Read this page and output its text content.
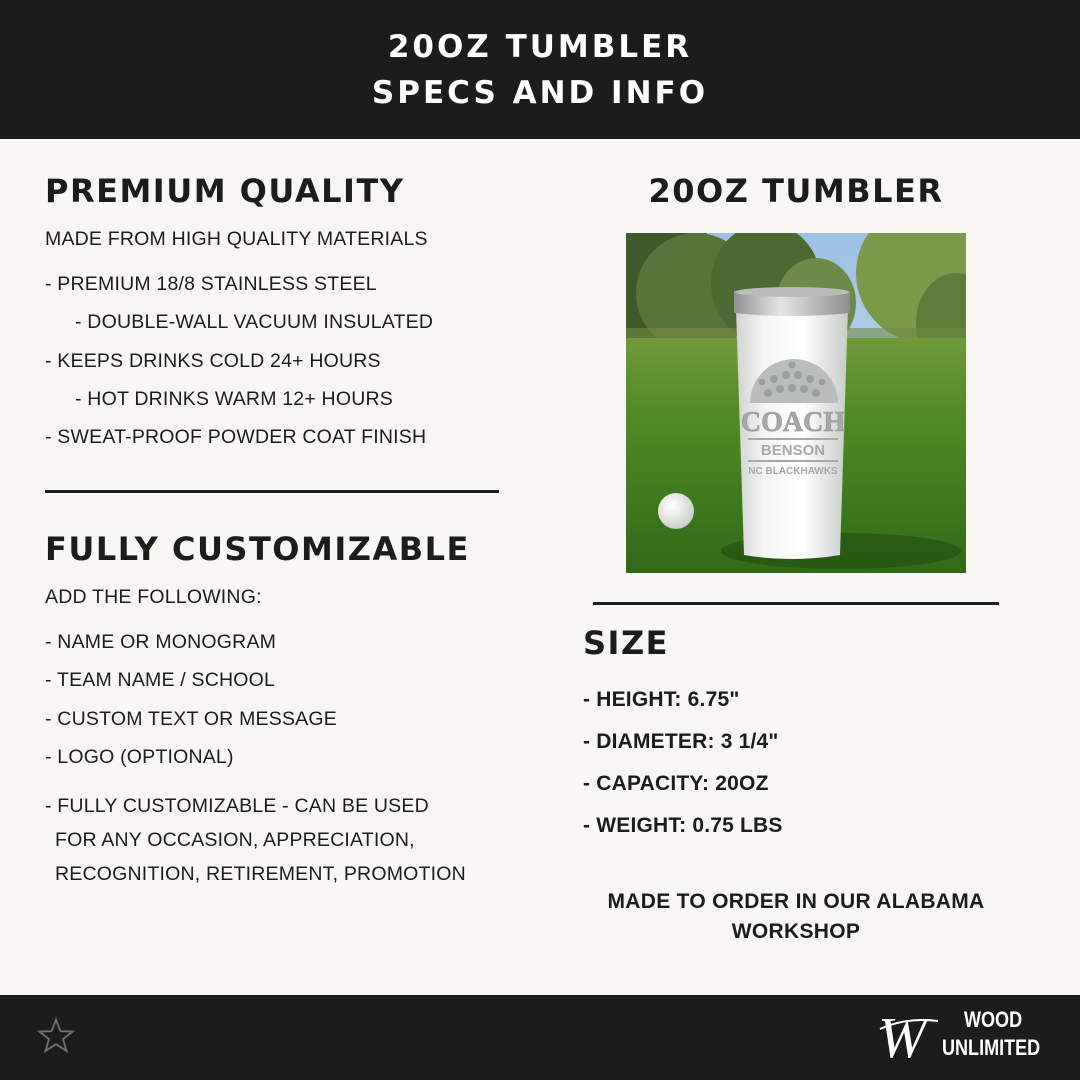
20OZ TUMBLER
SPECS AND INFO
PREMIUM QUALITY
MADE FROM HIGH QUALITY MATERIALS
- PREMIUM 18/8 STAINLESS STEEL
- DOUBLE-WALL VACUUM INSULATED
- KEEPS DRINKS COLD 24+ HOURS
- HOT DRINKS WARM 12+ HOURS
- SWEAT-PROOF POWDER COAT FINISH
FULLY CUSTOMIZABLE
ADD THE FOLLOWING:
- NAME OR MONOGRAM
- TEAM NAME / SCHOOL
- CUSTOM TEXT OR MESSAGE
- LOGO (OPTIONAL)
- FULLY CUSTOMIZABLE - CAN BE USED
FOR ANY OCCASION, APPRECIATION,
RECOGNITION, RETIREMENT, PROMOTION
20OZ TUMBLER
COACH
BENSON
NC BLACKHAWKS
SIZE
- HEIGHT: 6.75"
- DIAMETER: 3 1/4"
- CAPACITY: 20OZ
- WEIGHT: 0.75 LBS
MADE TO ORDER IN OUR ALABAMA
WORKSHOP
W WOOD
UNLIMITED
